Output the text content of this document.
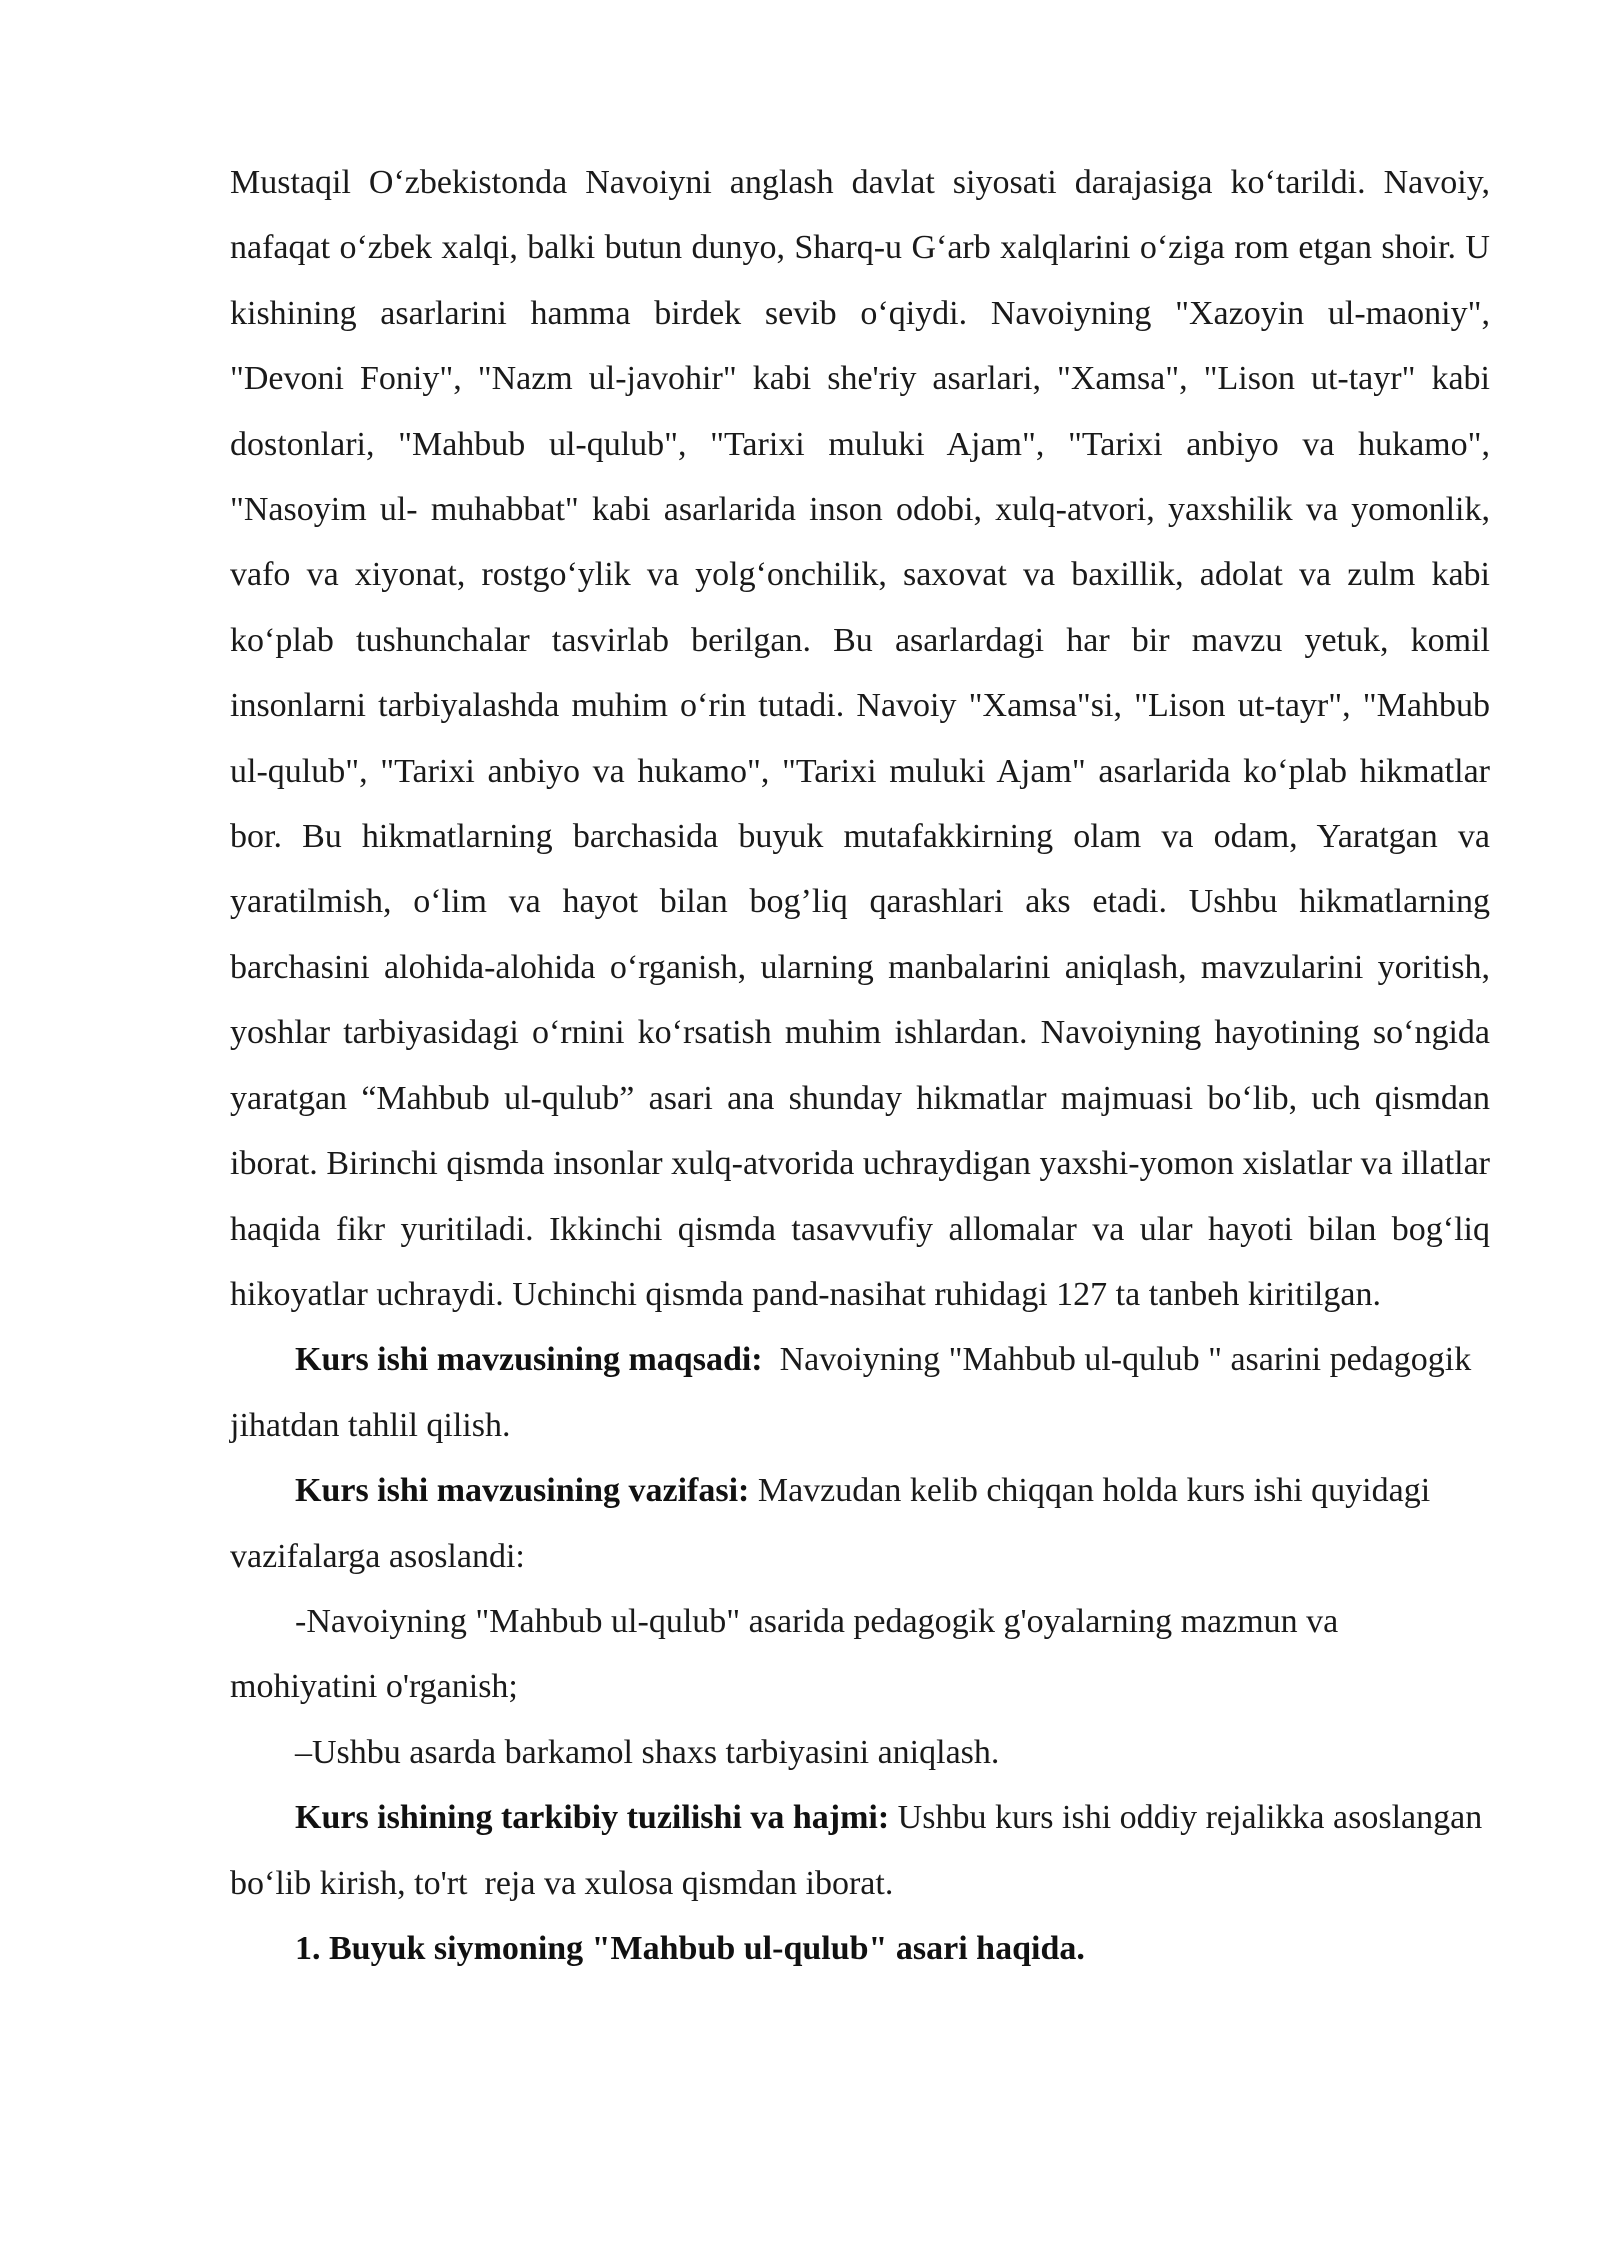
Mustaqil O‘zbekistonda Navoiyni anglash davlat siyosati darajasiga ko‘tarildi. Navoiy, nafaqat o‘zbek xalqi, balki butun dunyo, Sharq-u G‘arb xalqlarini o‘ziga rom etgan shoir. U kishining asarlarini hamma birdek sevib o‘qiydi. Navoiyning "Xazoyin ul-maoniy", "Devoni Foniy", "Nazm ul-javohir" kabi she'riy asarlari, "Xamsa", "Lison ut-tayr" kabi dostonlari, "Mahbub ul-qulub", "Tarixi muluki Ajam", "Tarixi anbiyo va hukamo", "Nasoyim ul- muhabbat" kabi asarlarida inson odobi, xulq-atvori, yaxshilik va yomonlik, vafo va xiyonat, rostgo‘ylik va yolg‘onchilik, saxovat va baxillik, adolat va zulm kabi ko‘plab tushunchalar tasvirlab berilgan. Bu asarlardagi har bir mavzu yetuk, komil insonlarni tarbiyalashda muhim o‘rin tutadi. Navoiy "Xamsa"si, "Lison ut-tayr", "Mahbub ul-qulub", "Tarixi anbiyo va hukamo", "Tarixi muluki Ajam" asarlarida ko‘plab hikmatlar bor. Bu hikmatlarning barchasida buyuk mutafakkirning olam va odam, Yaratgan va yaratilmish, o‘lim va hayot bilan bog’liq qarashlari aks etadi. Ushbu hikmatlarning barchasini alohida-alohida o‘rganish, ularning manbalarini aniqlash, mavzularini yoritish, yoshlar tarbiyasidagi o‘rnini ko‘rsatish muhim ishlardan. Navoiyning hayotining so‘ngida yaratgan “Mahbub ul-qulub” asari ana shunday hikmatlar majmuasi bo‘lib, uch qismdan iborat. Birinchi qismda insonlar xulq-atvorida uchraydigan yaxshi-yomon xislatlar va illatlar haqida fikr yuritiladi. Ikkinchi qismda tasavvufiy allomalar va ular hayoti bilan bog‘liq hikoyatlar uchraydi. Uchinchi qismda pand-nasihat ruhidagi 127 ta tanbeh kiritilgan.

Kurs ishi mavzusining maqsadi:  Navoiyning "Mahbub ul-qulub " asarini pedagogik jihatdan tahlil qilish.

Kurs ishi mavzusining vazifasi: Mavzudan kelib chiqqan holda kurs ishi quyidagi vazifalarga asoslandi:

-Navoiyning "Mahbub ul-qulub" asarida pedagogik g'oyalarning mazmun va mohiyatini o'rganish;

–Ushbu asarda barkamol shaxs tarbiyasini aniqlash.

Kurs ishining tarkibiy tuzilishi va hajmi: Ushbu kurs ishi oddiy rejalikka asoslangan bo‘lib kirish, to'rt  reja va xulosa qismdan iborat.

1. Buyuk siymoning "Mahbub ul-qulub" asari haqida.
